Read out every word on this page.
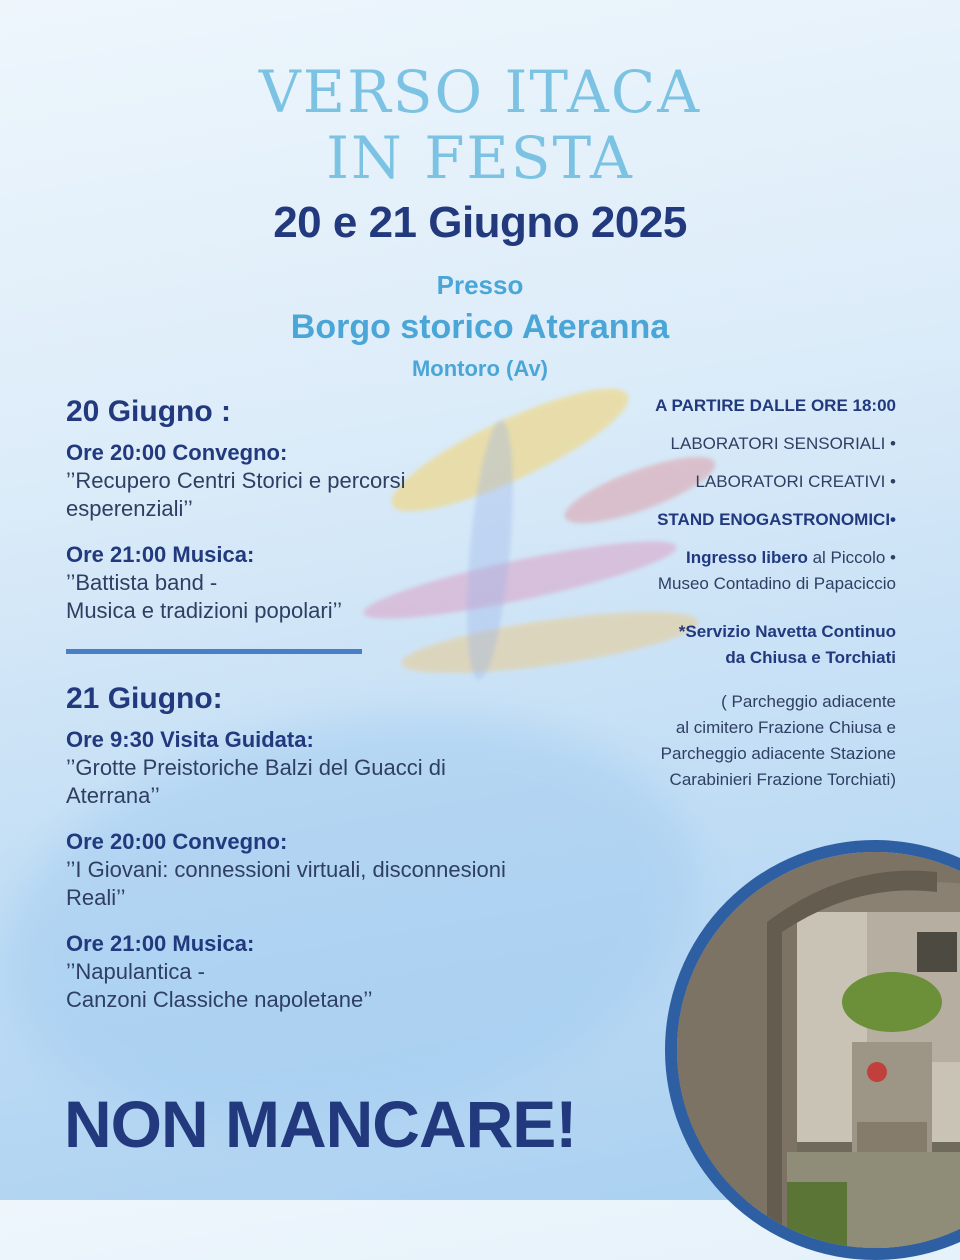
VERSO ITACA
IN FESTA
20 e 21 Giugno 2025
Presso
Borgo storico Ateranna
Montoro (Av)

20 Giugno :

Ore 20:00 Convegno:

’’Recupero Centri Storici e percorsi esperenziali’’

Ore 21:00 Musica:

’’Battista band -

Musica e tradizioni popolari’’

21 Giugno:

Ore 9:30 Visita Guidata:

’’Grotte Preistoriche Balzi del Guacci di Aterrana’’

Ore 20:00 Convegno:

’’I Giovani: connessioni virtuali, disconnesioni Reali’’

Ore 21:00 Musica:

’’Napulantica -

Canzoni Classiche napoletane’’

A PARTIRE DALLE ORE 18:00

LABORATORI SENSORIALI •

LABORATORI CREATIVI •

STAND ENOGASTRONOMICI•

Ingresso libero al Piccolo •

Museo Contadino di Papaciccio

*Servizio Navetta Continuo

da Chiusa e Torchiati

( Parcheggio adiacente

al cimitero Frazione Chiusa e

Parcheggio adiacente Stazione

Carabinieri Frazione Torchiati)

NON MANCARE!
